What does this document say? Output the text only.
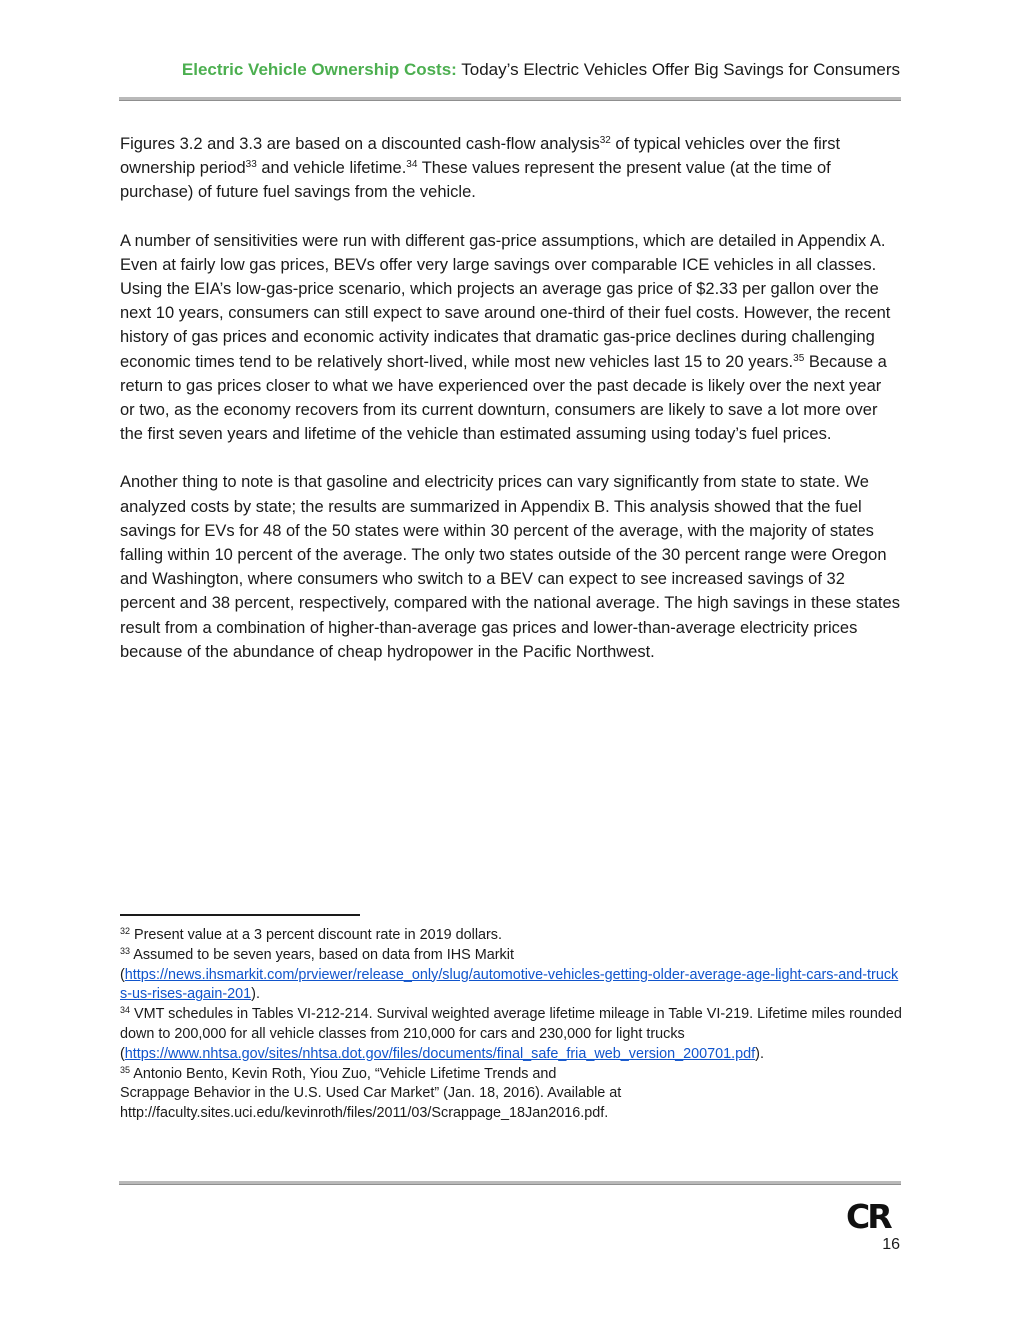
Electric Vehicle Ownership Costs: Today’s Electric Vehicles Offer Big Savings for Consumers

Figures 3.2 and 3.3 are based on a discounted cash-flow analysis$^{32}$ of typical vehicles over the first ownership period$^{33}$ and vehicle lifetime.$^{34}$ These values represent the present value (at the time of purchase) of future fuel savings from the vehicle.

A number of sensitivities were run with different gas-price assumptions, which are detailed in Appendix A. Even at fairly low gas prices, BEVs offer very large savings over comparable ICE vehicles in all classes. Using the EIA’s low-gas-price scenario, which projects an average gas price of $2.33 per gallon over the next 10 years, consumers can still expect to save around one-third of their fuel costs. However, the recent history of gas prices and economic activity indicates that dramatic gas-price declines during challenging economic times tend to be relatively short-lived, while most new vehicles last 15 to 20 years.$^{35}$ Because a return to gas prices closer to what we have experienced over the past decade is likely over the next year or two, as the economy recovers from its current downturn, consumers are likely to save a lot more over the first seven years and lifetime of the vehicle than estimated assuming using today’s fuel prices.

Another thing to note is that gasoline and electricity prices can vary significantly from state to state. We analyzed costs by state; the results are summarized in Appendix B. This analysis showed that the fuel savings for EVs for 48 of the 50 states were within 30 percent of the average, with the majority of states falling within 10 percent of the average. The only two states outside of the 30 percent range were Oregon and Washington, where consumers who switch to a BEV can expect to see increased savings of 32 percent and 38 percent, respectively, compared with the national average. The high savings in these states result from a combination of higher-than-average gas prices and lower-than-average electricity prices because of the abundance of cheap hydropower in the Pacific Northwest.

$^{32}$ Present value at a 3 percent discount rate in 2019 dollars.
$^{33}$ Assumed to be seven years, based on data from IHS Markit
(https://news.ihsmarkit.com/prviewer/release_only/slug/automotive-vehicles-getting-older-average-age-light-cars-and-trucks-us-rises-again-201).
$^{34}$ VMT schedules in Tables VI-212-214. Survival weighted average lifetime mileage in Table VI-219. Lifetime miles rounded down to 200,000 for all vehicle classes from 210,000 for cars and 230,000 for light trucks
(https://www.nhtsa.gov/sites/nhtsa.dot.gov/files/documents/final_safe_fria_web_version_200701.pdf).
$^{35}$ Antonio Bento, Kevin Roth, Yiou Zuo, “Vehicle Lifetime Trends and
Scrappage Behavior in the U.S. Used Car Market” (Jan. 18, 2016). Available at
http://faculty.sites.uci.edu/kevinroth/files/2011/03/Scrappage_18Jan2016.pdf.
CR
16
